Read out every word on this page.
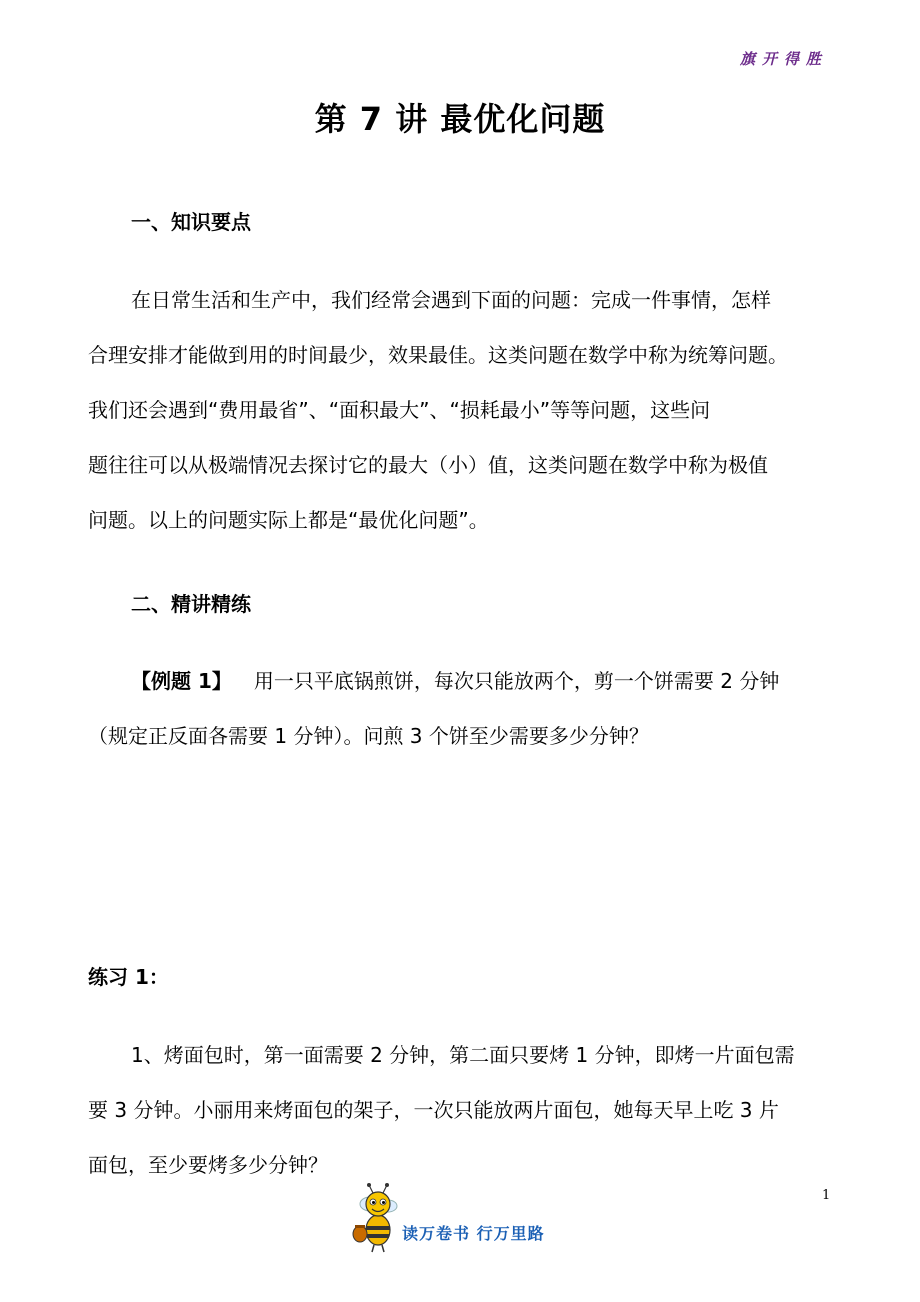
旗开得胜
第 7 讲 最优化问题
一、知识要点
在日常生活和生产中，我们经常会遇到下面的问题：完成一件事情，怎样
合理安排才能做到用的时间最少，效果最佳。这类问题在数学中称为统筹问题。
我们还会遇到“费用最省”、“面积最大”、“损耗最小”等等问题，这些问
题往往可以从极端情况去探讨它的最大（小）值，这类问题在数学中称为极值
问题。以上的问题实际上都是“最优化问题”。
二、精讲精练
【例题 1】 用一只平底锅煎饼，每次只能放两个，剪一个饼需要 2 分钟
（规定正反面各需要 1 分钟）。问煎 3 个饼至少需要多少分钟？
练习 1：
1、烤面包时，第一面需要 2 分钟，第二面只要烤 1 分钟，即烤一片面包需
要 3 分钟。小丽用来烤面包的架子，一次只能放两片面包，她每天早上吃 3 片
面包，至少要烤多少分钟？
1
读万卷书 行万里路
